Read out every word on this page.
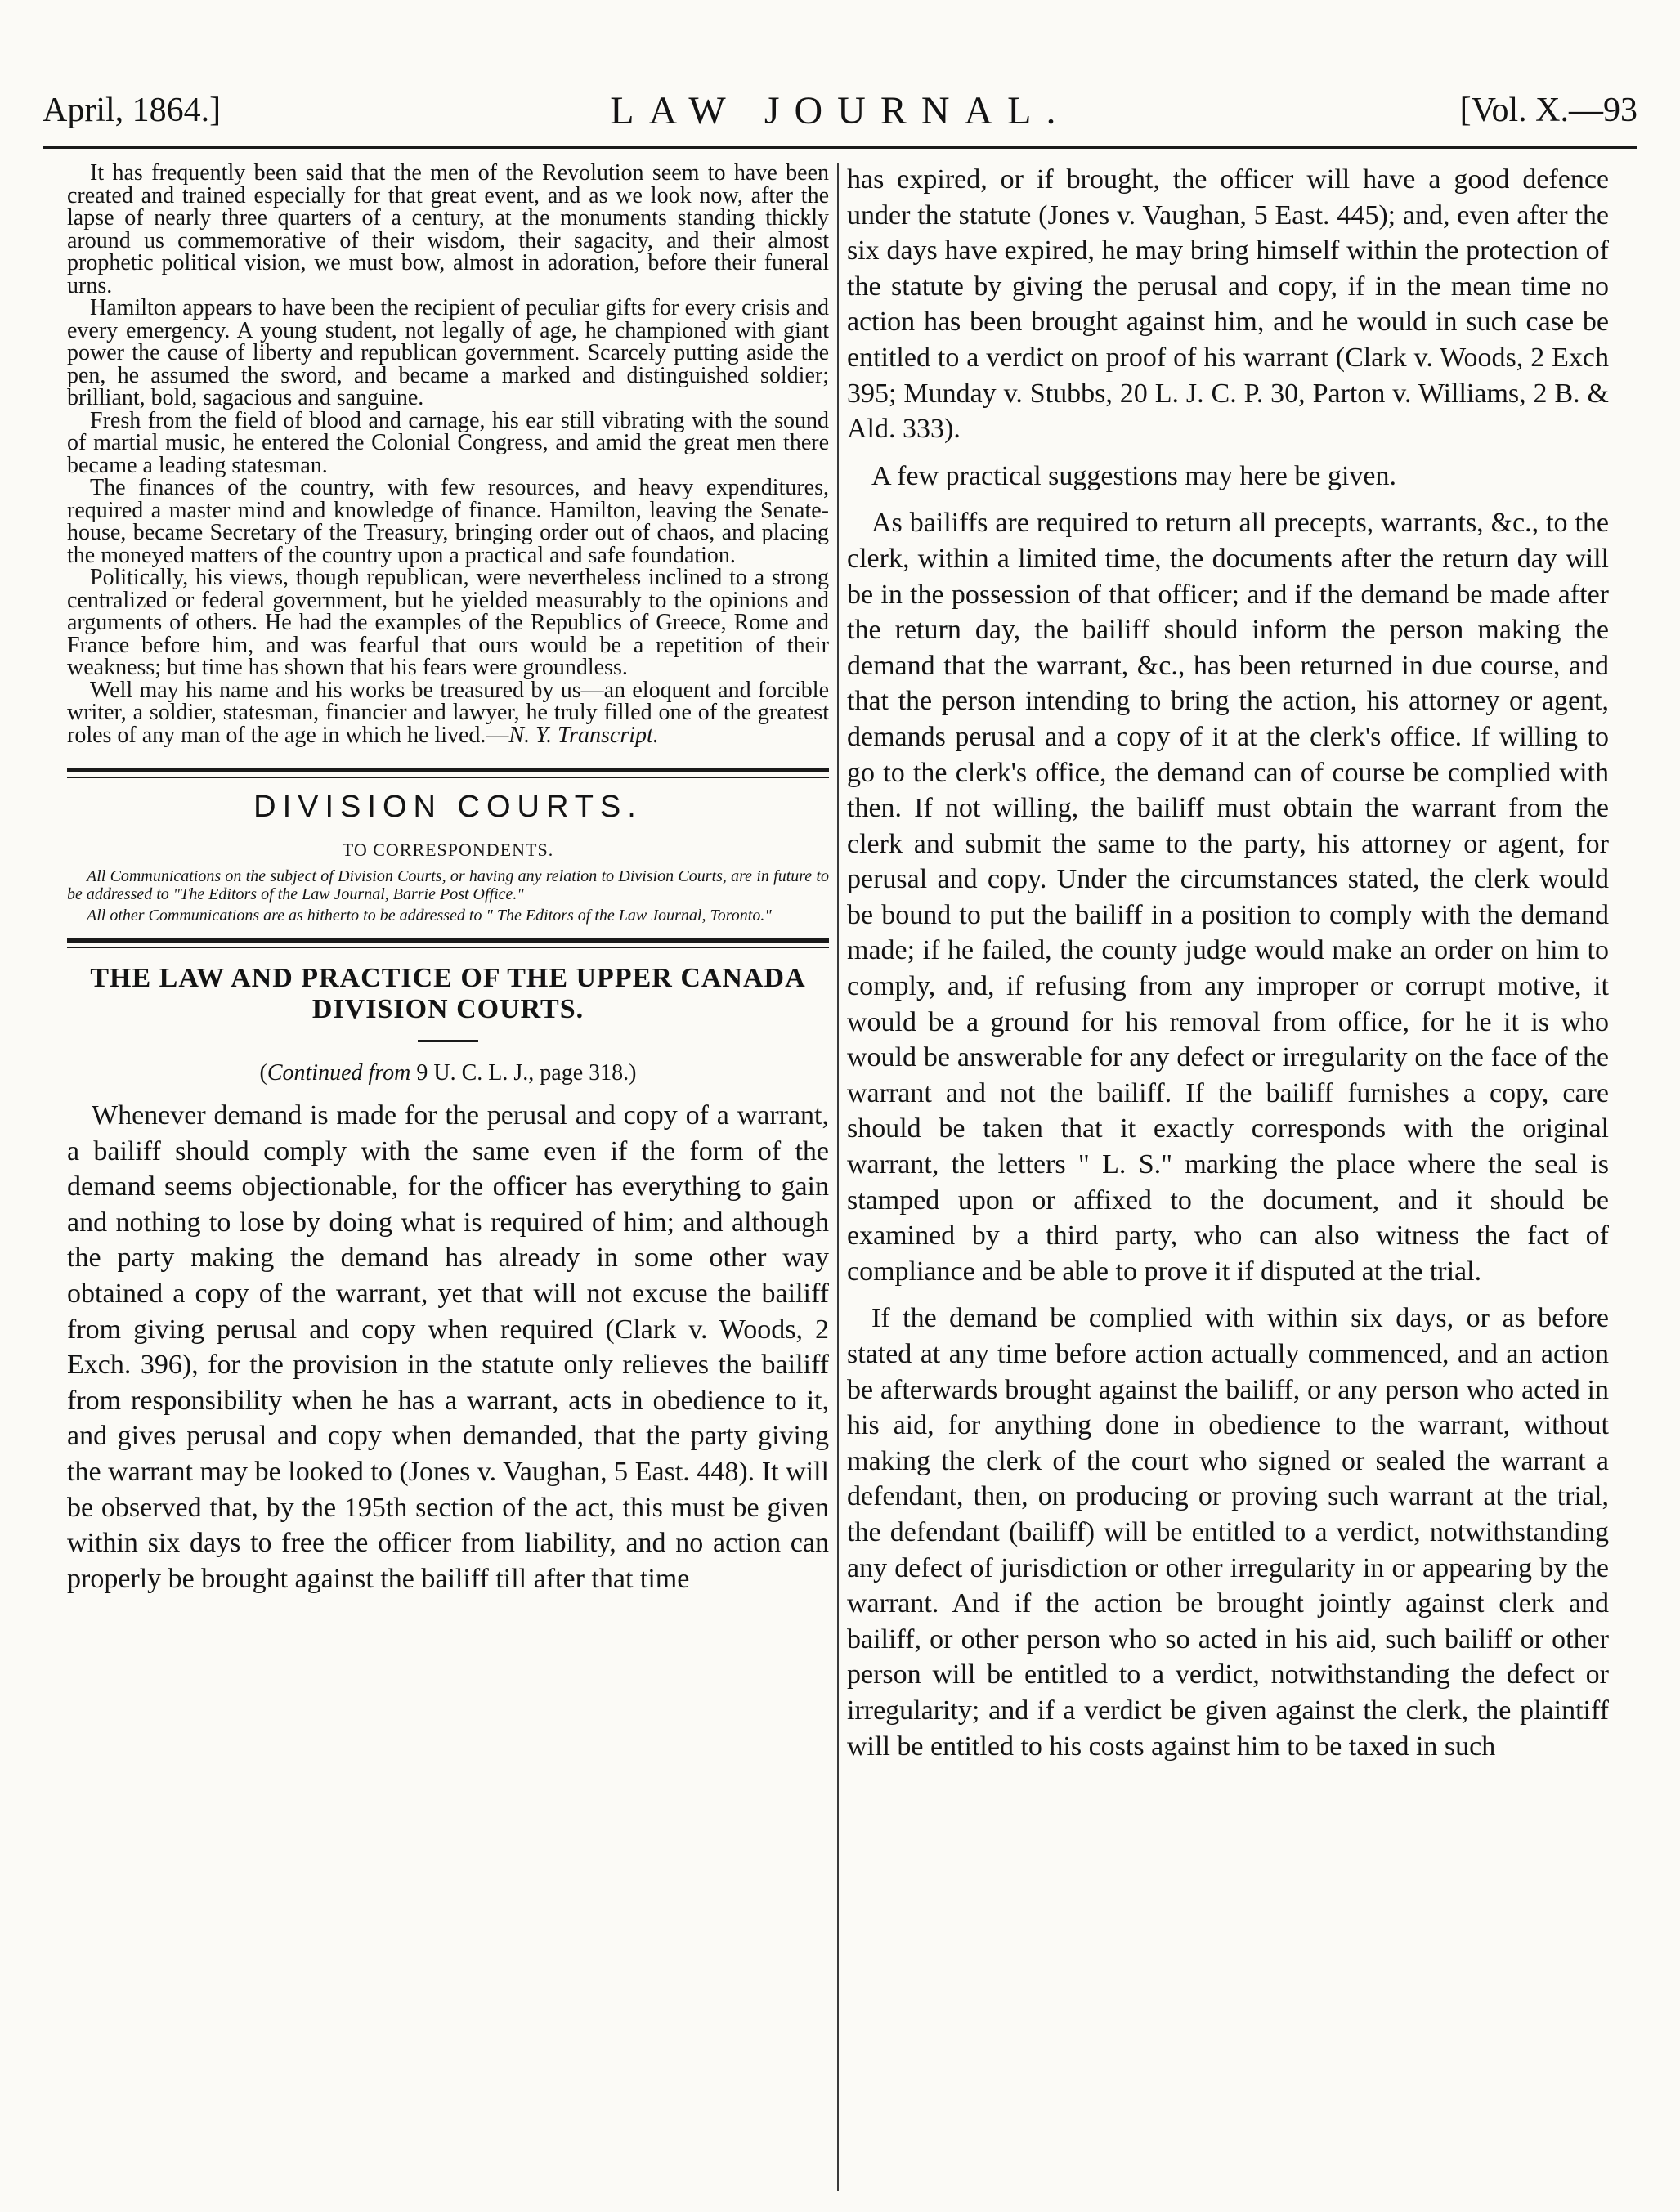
April, 1864.]	LAW JOURNAL.	[Vol. X.—93

It has frequently been said that the men of the Revolution seem to have been created and trained especially for that great event, and as we look now, after the lapse of nearly three quarters of a century, at the monuments standing thickly around us commemorative of their wisdom, their sagacity, and their almost prophetic political vision, we must bow, almost in adoration, before their funeral urns.

Hamilton appears to have been the recipient of peculiar gifts for every crisis and every emergency. A young student, not legally of age, he championed with giant power the cause of liberty and republican government. Scarcely putting aside the pen, he assumed the sword, and became a marked and distinguished soldier; brilliant, bold, sagacious and sanguine.

Fresh from the field of blood and carnage, his ear still vibrating with the sound of martial music, he entered the Colonial Congress, and amid the great men there became a leading statesman.

The finances of the country, with few resources, and heavy expenditures, required a master mind and knowledge of finance. Hamilton, leaving the Senate-house, became Secretary of the Treasury, bringing order out of chaos, and placing the moneyed matters of the country upon a practical and safe foundation.

Politically, his views, though republican, were nevertheless inclined to a strong centralized or federal government, but he yielded measurably to the opinions and arguments of others. He had the examples of the Republics of Greece, Rome and France before him, and was fearful that ours would be a repetition of their weakness; but time has shown that his fears were groundless.

Well may his name and his works be treasured by us—an eloquent and forcible writer, a soldier, statesman, financier and lawyer, he truly filled one of the greatest roles of any man of the age in which he lived.—N. Y. Transcript.

DIVISION COURTS.
TO CORRESPONDENTS.

All Communications on the subject of Division Courts, or having any relation to Division Courts, are in future to be addressed to "The Editors of the Law Journal, Barrie Post Office."

All other Communications are as hitherto to be addressed to " The Editors of the Law Journal, Toronto."

THE LAW AND PRACTICE OF THE UPPER CANADA DIVISION COURTS.
(Continued from 9 U. C. L. J., page 318.)

Whenever demand is made for the perusal and copy of a warrant, a bailiff should comply with the same even if the form of the demand seems objectionable, for the officer has everything to gain and nothing to lose by doing what is required of him; and although the party making the demand has already in some other way obtained a copy of the warrant, yet that will not excuse the bailiff from giving perusal and copy when required (Clark v. Woods, 2 Exch. 396), for the provision in the statute only relieves the bailiff from responsibility when he has a warrant, acts in obedience to it, and gives perusal and copy when demanded, that the party giving the warrant may be looked to (Jones v. Vaughan, 5 East. 448). It will be observed that, by the 195th section of the act, this must be given within six days to free the officer from liability, and no action can properly be brought against the bailiff till after that time

has expired, or if brought, the officer will have a good defence under the statute (Jones v. Vaughan, 5 East. 445); and, even after the six days have expired, he may bring himself within the protection of the statute by giving the perusal and copy, if in the mean time no action has been brought against him, and he would in such case be entitled to a verdict on proof of his warrant (Clark v. Woods, 2 Exch 395; Munday v. Stubbs, 20 L. J. C. P. 30, Parton v. Williams, 2 B. & Ald. 333).

A few practical suggestions may here be given.

As bailiffs are required to return all precepts, warrants, &c., to the clerk, within a limited time, the documents after the return day will be in the possession of that officer; and if the demand be made after the return day, the bailiff should inform the person making the demand that the warrant, &c., has been returned in due course, and that the person intending to bring the action, his attorney or agent, demands perusal and a copy of it at the clerk's office. If willing to go to the clerk's office, the demand can of course be complied with then. If not willing, the bailiff must obtain the warrant from the clerk and submit the same to the party, his attorney or agent, for perusal and copy. Under the circumstances stated, the clerk would be bound to put the bailiff in a position to comply with the demand made; if he failed, the county judge would make an order on him to comply, and, if refusing from any improper or corrupt motive, it would be a ground for his removal from office, for he it is who would be answerable for any defect or irregularity on the face of the warrant and not the bailiff. If the bailiff furnishes a copy, care should be taken that it exactly corresponds with the original warrant, the letters " L. S." marking the place where the seal is stamped upon or affixed to the document, and it should be examined by a third party, who can also witness the fact of compliance and be able to prove it if disputed at the trial.

If the demand be complied with within six days, or as before stated at any time before action actually commenced, and an action be afterwards brought against the bailiff, or any person who acted in his aid, for anything done in obedience to the warrant, without making the clerk of the court who signed or sealed the warrant a defendant, then, on producing or proving such warrant at the trial, the defendant (bailiff) will be entitled to a verdict, notwithstanding any defect of jurisdiction or other irregularity in or appearing by the warrant. And if the action be brought jointly against clerk and bailiff, or other person who so acted in his aid, such bailiff or other person will be entitled to a verdict, notwithstanding the defect or irregularity; and if a verdict be given against the clerk, the plaintiff will be entitled to his costs against him to be taxed in such
